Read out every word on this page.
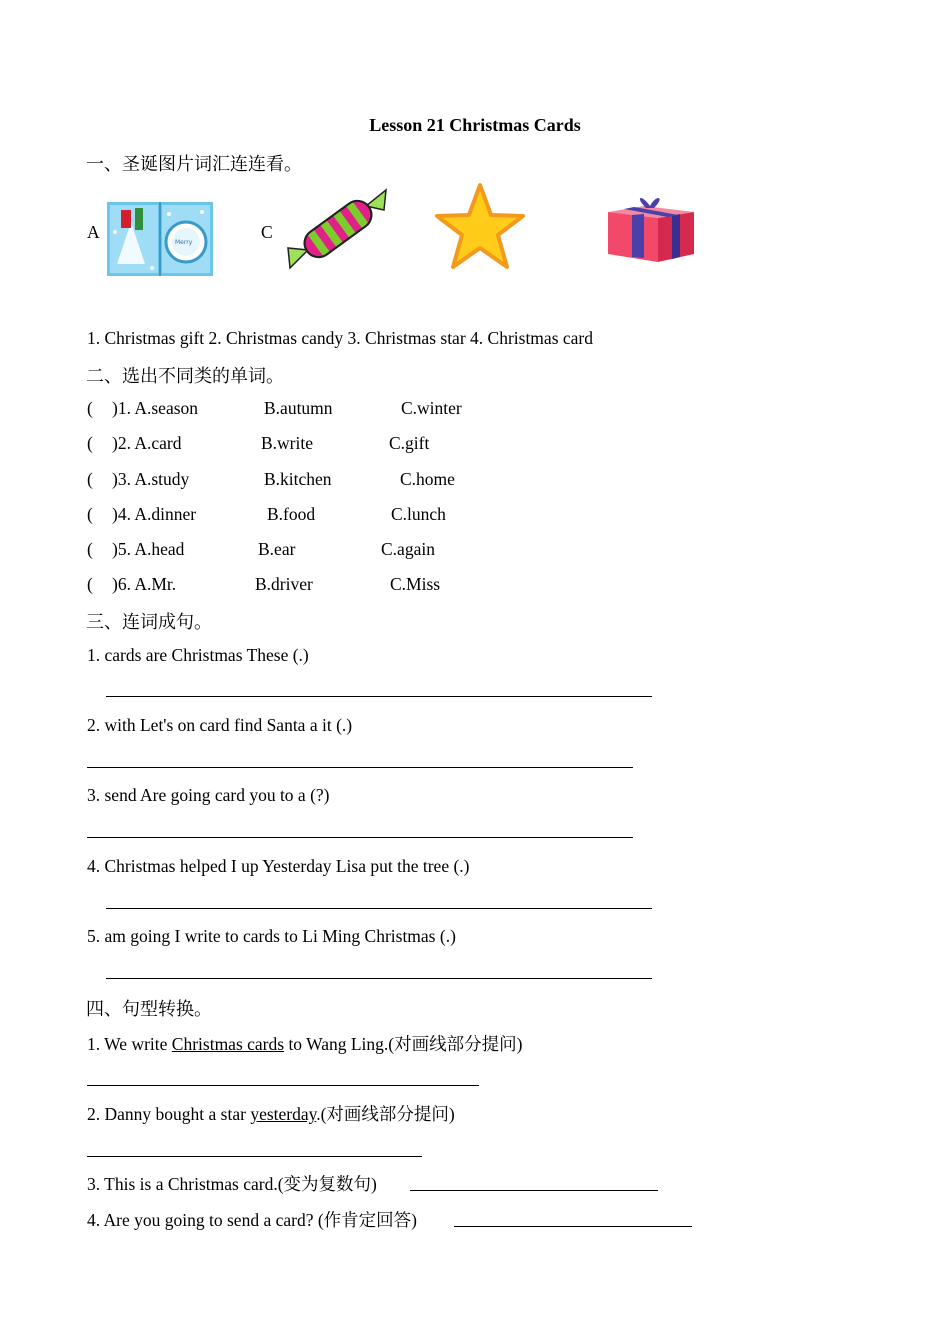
Lesson 21 Christmas Cards
一、圣诞图片词汇连连看。
A
Merry
C
1. Christmas gift 2. Christmas candy 3. Christmas star 4. Christmas card
二、选出不同类的单词。
( )1. A.season	B.autumn	C.winter
( )2. A.card	B.write	C.gift
( )3. A.study	B.kitchen	C.home
( )4. A.dinner	B.food	C.lunch
( )5. A.head	B.ear	C.again
( )6. A.Mr.	B.driver	C.Miss
三、连词成句。
1. cards are Christmas These (.)
2. with Let's on card find Santa a it (.)
3. send Are going card you to a (?)
4. Christmas helped I up Yesterday Lisa put the tree (.)
5. am going I write to cards to Li Ming Christmas (.)
四、句型转换。
1. We write Christmas cards to Wang Ling.(对画线部分提问)
2. Danny bought a star yesterday.(对画线部分提问)
3. This is a Christmas card.(变为复数句)
4. Are you going to send a card? (作肯定回答)
